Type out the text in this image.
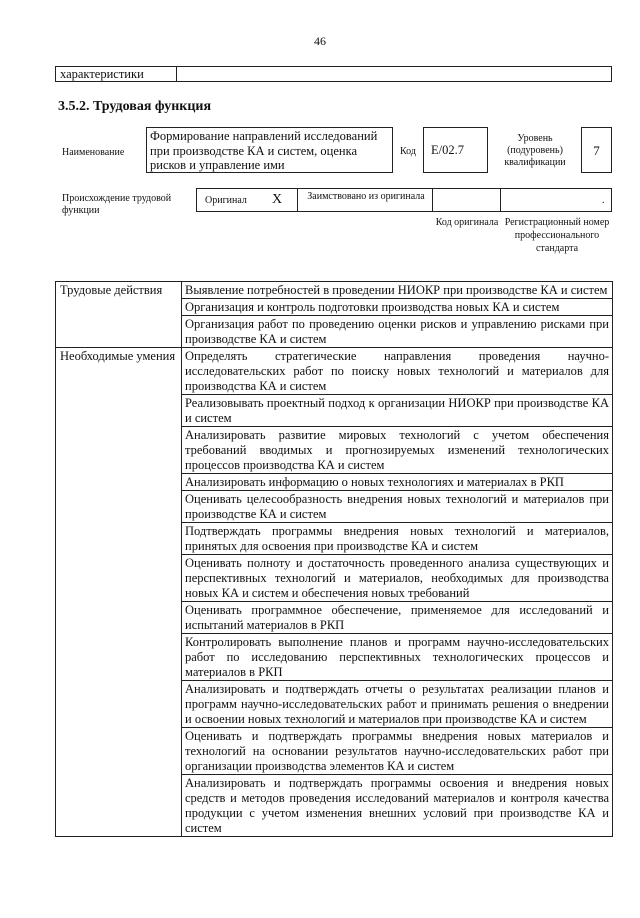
46
характеристики
3.5.2. Трудовая функция
Наименование
Формирование направлений исследований при производстве КА и систем, оценка рисков и управление ими
Код	E/02.7
Уровень (подуровень) квалификации
7
Происхождение трудовой функции
Оригинал X	Заимствовано из оригинала	.
Код оригинала Регистрационный номер профессионального стандарта
Трудовые действия	Выявление потребностей в проведении НИОКР при производстве КА и систем
	Организация и контроль подготовки производства новых КА и систем
	Организация работ по проведению оценки рисков и управлению рисками при производстве КА и систем
Необходимые умения	Определять стратегические направления проведения научно-исследовательских работ по поиску новых технологий и материалов для производства КА и систем
	Реализовывать проектный подход к организации НИОКР при производстве КА и систем
	Анализировать развитие мировых технологий с учетом обеспечения требований вводимых и прогнозируемых изменений технологических процессов производства КА и систем
	Анализировать информацию о новых технологиях и материалах в РКП
	Оценивать целесообразность внедрения новых технологий и материалов при производстве КА и систем
	Подтверждать программы внедрения новых технологий и материалов, принятых для освоения при производстве КА и систем
	Оценивать полноту и достаточность проведенного анализа существующих и перспективных технологий и материалов, необходимых для производства новых КА и систем и обеспечения новых требований
	Оценивать программное обеспечение, применяемое для исследований и испытаний материалов в РКП
	Контролировать выполнение планов и программ научно-исследовательских работ по исследованию перспективных технологических процессов и материалов в РКП
	Анализировать и подтверждать отчеты о результатах реализации планов и программ научно-исследовательских работ и принимать решения о внедрении и освоении новых технологий и материалов при производстве КА и систем
	Оценивать и подтверждать программы внедрения новых материалов и технологий на основании результатов научно-исследовательских работ при организации производства элементов КА и систем
	Анализировать и подтверждать программы освоения и внедрения новых средств и методов проведения исследований материалов и контроля качества продукции с учетом изменения внешних условий при производстве КА и систем
